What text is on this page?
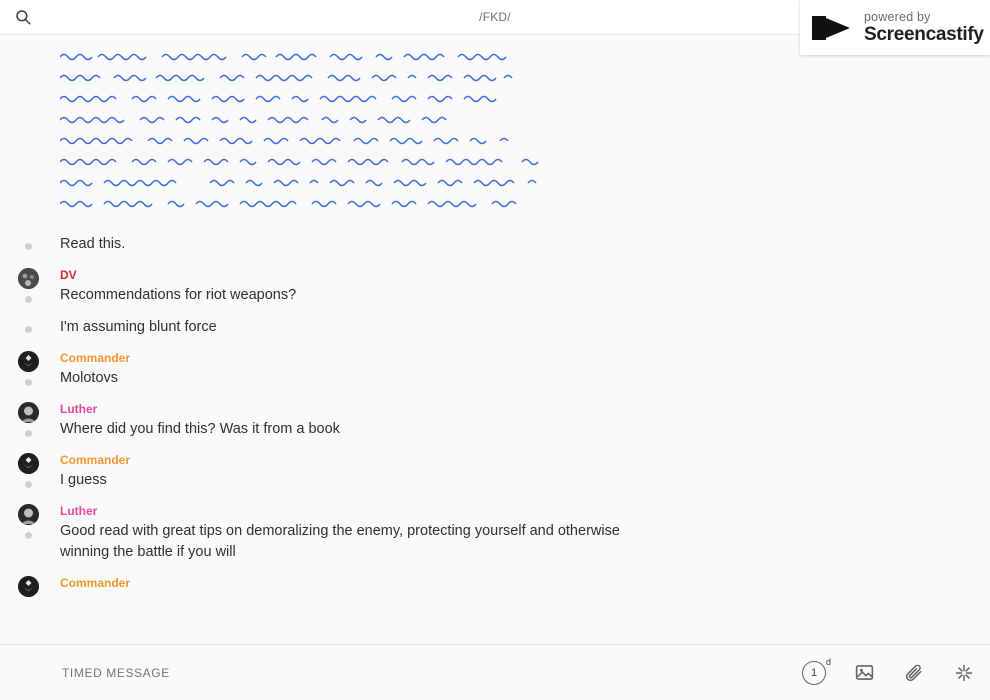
/FKD/	powered by
Screencastify
Read this.
DV
Recommendations for riot weapons?
I'm assuming blunt force
Commander
Molotovs
Luther
Where did you find this? Was it from a book
Commander
I guess
Luther
Good read with great tips on demoralizing the enemy, protecting yourself and otherwise winning the battle if you will
Commander
TIMED MESSAGE
1
d
